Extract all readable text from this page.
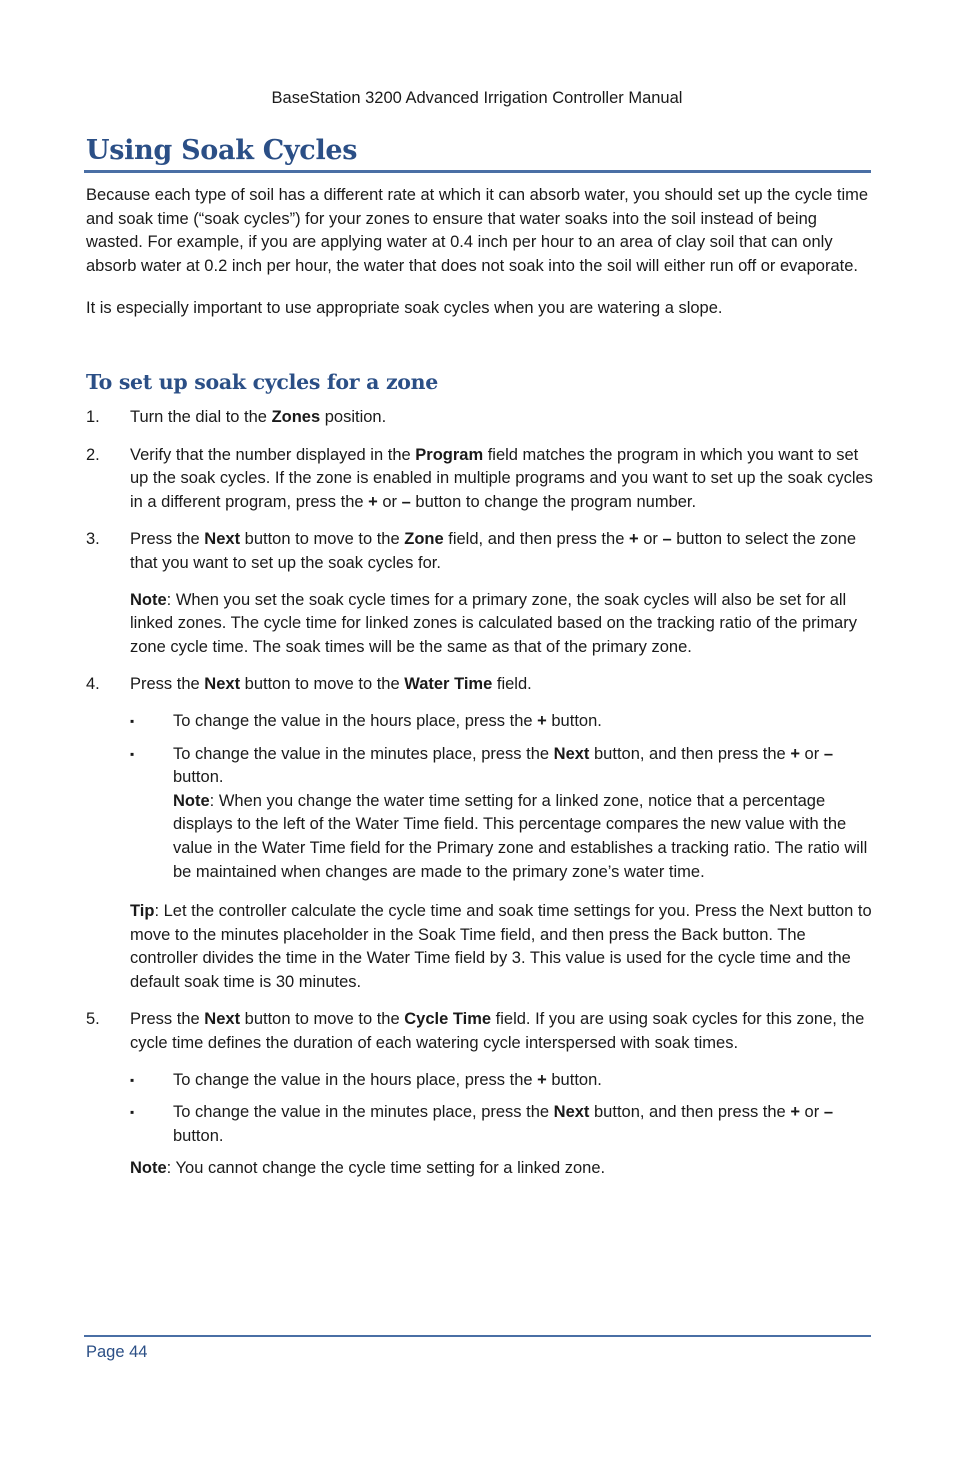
BaseStation 3200 Advanced Irrigation Controller Manual
Using Soak Cycles

Because each type of soil has a different rate at which it can absorb water, you should set up the cycle time and soak time (“soak cycles”) for your zones to ensure that water soaks into the soil instead of being wasted. For example, if you are applying water at 0.4 inch per hour to an area of clay soil that can only absorb water at 0.2 inch per hour, the water that does not soak into the soil will either run off or evaporate.

It is especially important to use appropriate soak cycles when you are watering a slope.

To set up soak cycles for a zone
1. Turn the dial to the Zones position.

2. Verify that the number displayed in the Program field matches the program in which you want to set up the soak cycles. If the zone is enabled in multiple programs and you want to set up the soak cycles in a different program, press the + or – button to change the program number.

3. Press the Next button to move to the Zone field, and then press the + or – button to select the zone that you want to set up the soak cycles for.

Note: When you set the soak cycle times for a primary zone, the soak cycles will also be set for all linked zones. The cycle time for linked zones is calculated based on the tracking ratio of the primary zone cycle time. The soak times will be the same as that of the primary zone.

4. Press the Next button to move to the Water Time field.

▪ To change the value in the hours place, press the + button.
▪ To change the value in the minutes place, press the Next button, and then press the + or – button.

Note: When you change the water time setting for a linked zone, notice that a percentage displays to the left of the Water Time field. This percentage compares the new value with the value in the Water Time field for the Primary zone and establishes a tracking ratio. The ratio will be maintained when changes are made to the primary zone’s water time.

Tip: Let the controller calculate the cycle time and soak time settings for you. Press the Next button to move to the minutes placeholder in the Soak Time field, and then press the Back button. The controller divides the time in the Water Time field by 3. This value is used for the cycle time and the default soak time is 30 minutes.

5. Press the Next button to move to the Cycle Time field. If you are using soak cycles for this zone, the cycle time defines the duration of each watering cycle interspersed with soak times.

▪ To change the value in the hours place, press the + button.
▪ To change the value in the minutes place, press the Next button, and then press the + or – button.

Note: You cannot change the cycle time setting for a linked zone.

Page 44
